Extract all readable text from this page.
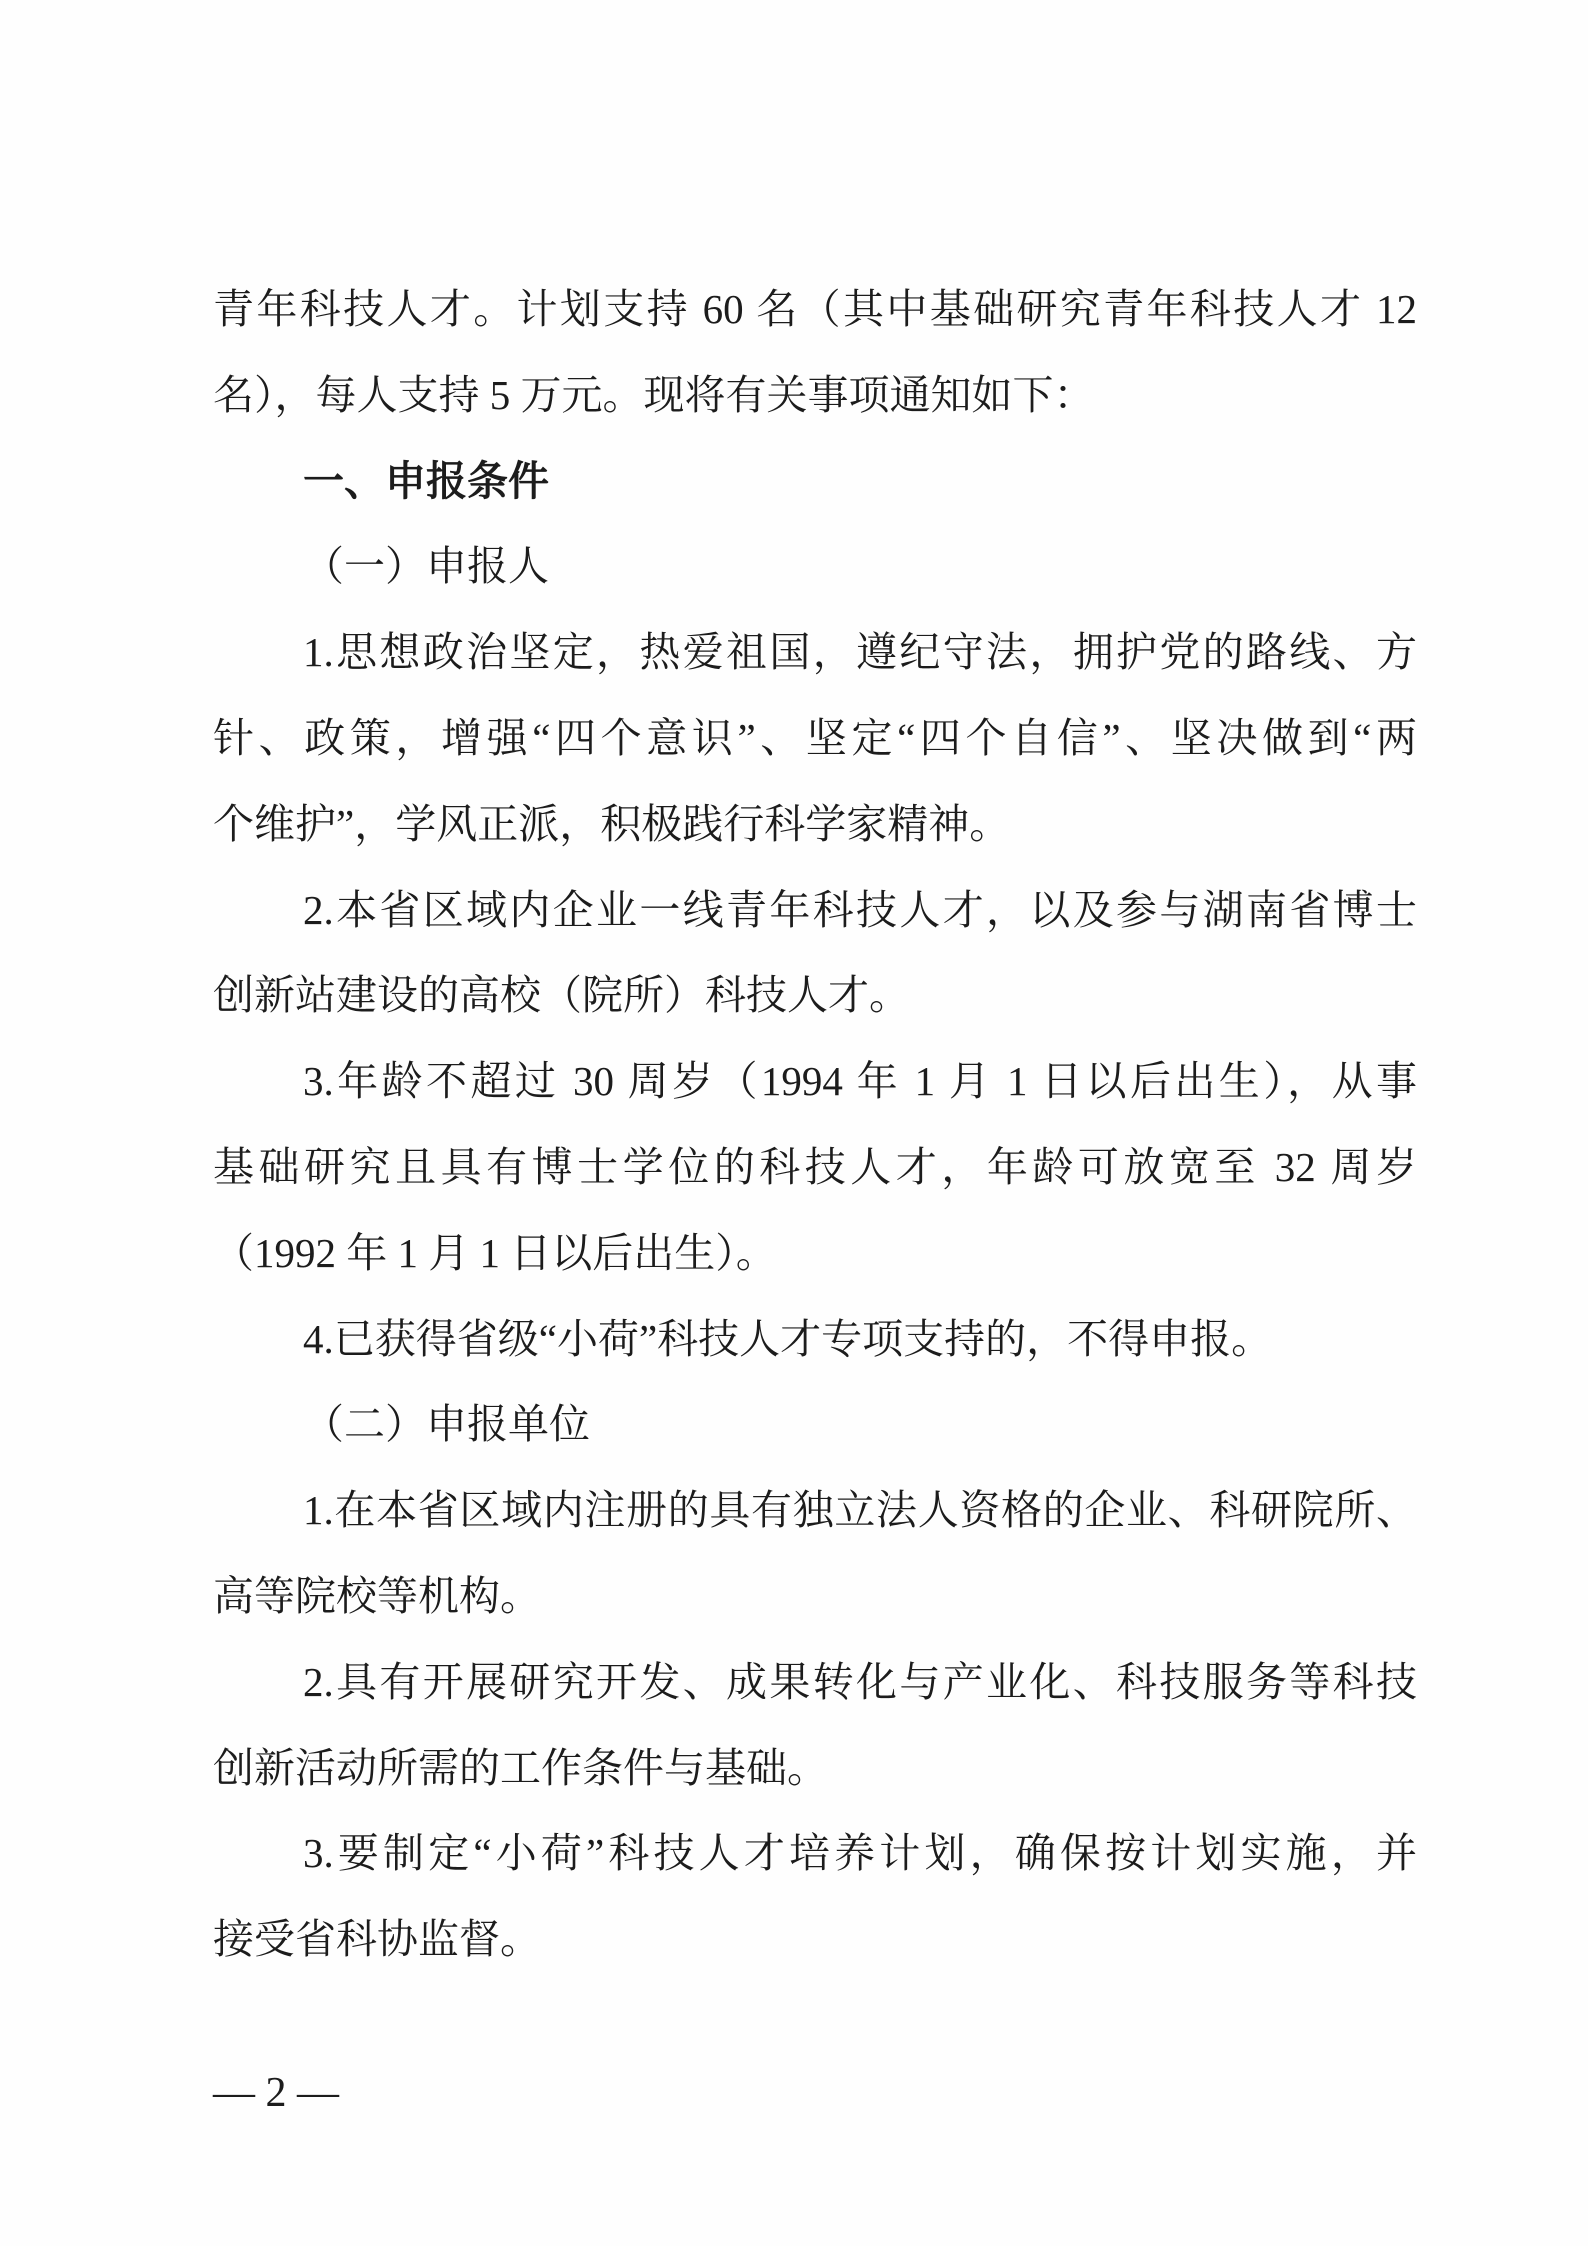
青年科技人才。计划支持 60 名（其中基础研究青年科技人才 12
名），每人支持 5 万元。现将有关事项通知如下：
一、申报条件
（一）申报人
1.思想政治坚定，热爱祖国，遵纪守法，拥护党的路线、方
针、政策，增强“四个意识”、坚定“四个自信”、坚决做到“两
个维护”，学风正派，积极践行科学家精神。
2.本省区域内企业一线青年科技人才，以及参与湖南省博士
创新站建设的高校（院所）科技人才。
3.年龄不超过 30 周岁（1994 年 1 月 1 日以后出生），从事
基础研究且具有博士学位的科技人才，年龄可放宽至 32 周岁
（1992 年 1 月 1 日以后出生）。
4.已获得省级“小荷”科技人才专项支持的，不得申报。
（二）申报单位
1.在本省区域内注册的具有独立法人资格的企业、科研院所、
高等院校等机构。
2.具有开展研究开发、成果转化与产业化、科技服务等科技
创新活动所需的工作条件与基础。
3.要制定“小荷”科技人才培养计划，确保按计划实施，并
接受省科协监督。
— 2 —
